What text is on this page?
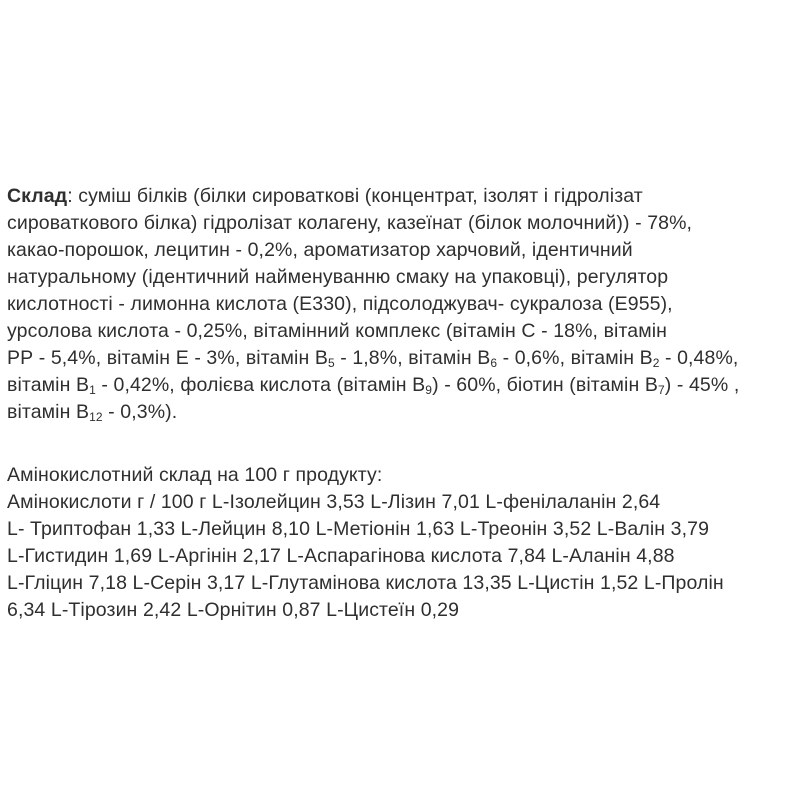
Склад: суміш білків (білки сироваткові (концентрат, ізолят і гідролізат
сироваткового білка) гідролізат колагену, казеїнат (білок молочний)) - 78%,
какао-порошок, лецитин - 0,2%, ароматизатор харчовий, ідентичний
натуральному (ідентичний найменуванню смаку на упаковці), регулятор
кислотності - лимонна кислота (Е330), підсолоджувач- сукралоза (Е955),
урсолова кислота - 0,25%, вітамінний комплекс (вітамін С - 18%, вітамін
РР - 5,4%, вітамін Е - 3%, вітамін $В_5 - 1,8\%$, вітамін $В_6 - 0,6\%$, вітамін $В_2 - 0,48\%$,
вітамін $В_1 - 0,42\%$, фолієва кислота (вітамін $В_9) - 60\%$, біотин (вітамін $В_7) - 45\%$ ,
вітамін $В_{12} - 0,3\%$).
Амінокислотний склад на 100 г продукту:
Амінокислоти г / 100 г L-Ізолейцин 3,53 L-Лізин 7,01 L-фенілаланін 2,64
L- Триптофан 1,33 L-Лейцин 8,10 L-Метіонін 1,63 L-Треонін 3,52 L-Валін 3,79
L-Гистидин 1,69 L-Аргінін 2,17 L-Аспарагінова кислота 7,84 L-Аланін 4,88
L-Гліцин 7,18 L-Серін 3,17 L-Глутамінова кислота 13,35 L-Цистін 1,52 L-Пролін
6,34 L-Тірозин 2,42 L-Орнітин 0,87 L-Цистеїн 0,29
